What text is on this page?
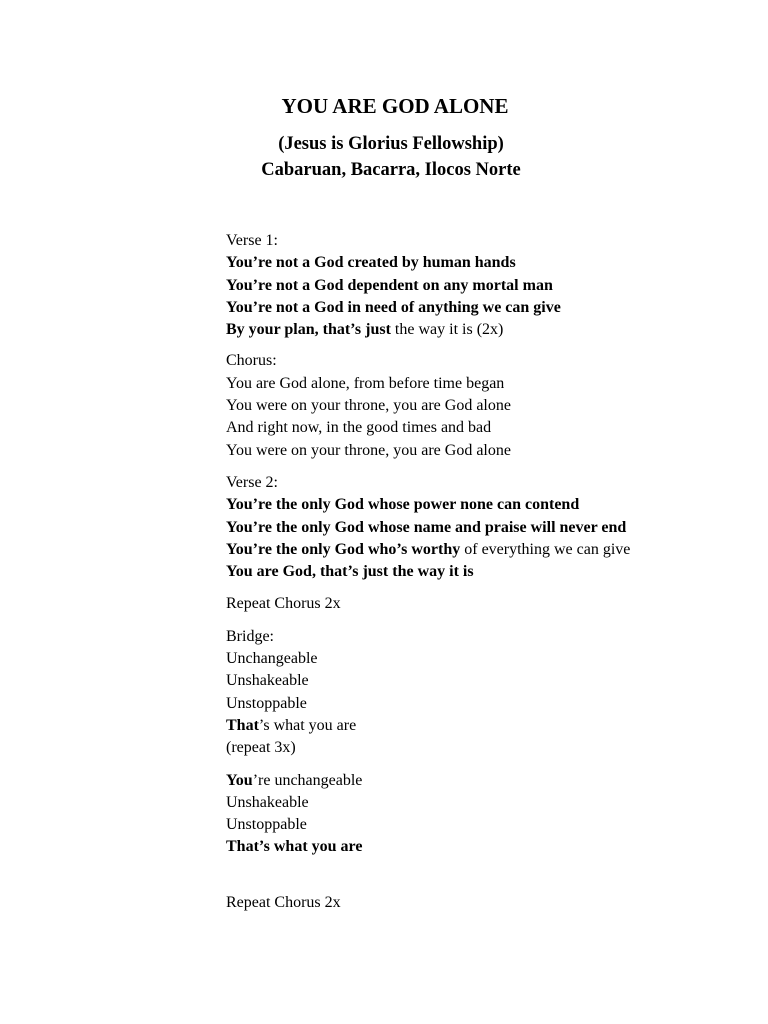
YOU ARE GOD ALONE
(Jesus is Glorius Fellowship)
Cabaruan, Bacarra, Ilocos Norte
Verse 1:
You’re not a God created by human hands
You’re not a God dependent on any mortal man
You’re not a God in need of anything we can give
By your plan, that’s just the way it is (2x)
Chorus:
You are God alone, from before time began
You were on your throne, you are God alone
And right now, in the good times and bad
You were on your throne, you are God alone
Verse 2:
You’re the only God whose power none can contend
You’re the only God whose name and praise will never end
You’re the only God who’s worthy of everything we can give
You are God, that’s just the way it is
Repeat Chorus 2x
Bridge:
Unchangeable
Unshakeable
Unstoppable
That’s what you are
(repeat 3x)
You’re unchangeable
Unshakeable
Unstoppable
That’s what you are
Repeat Chorus 2x
